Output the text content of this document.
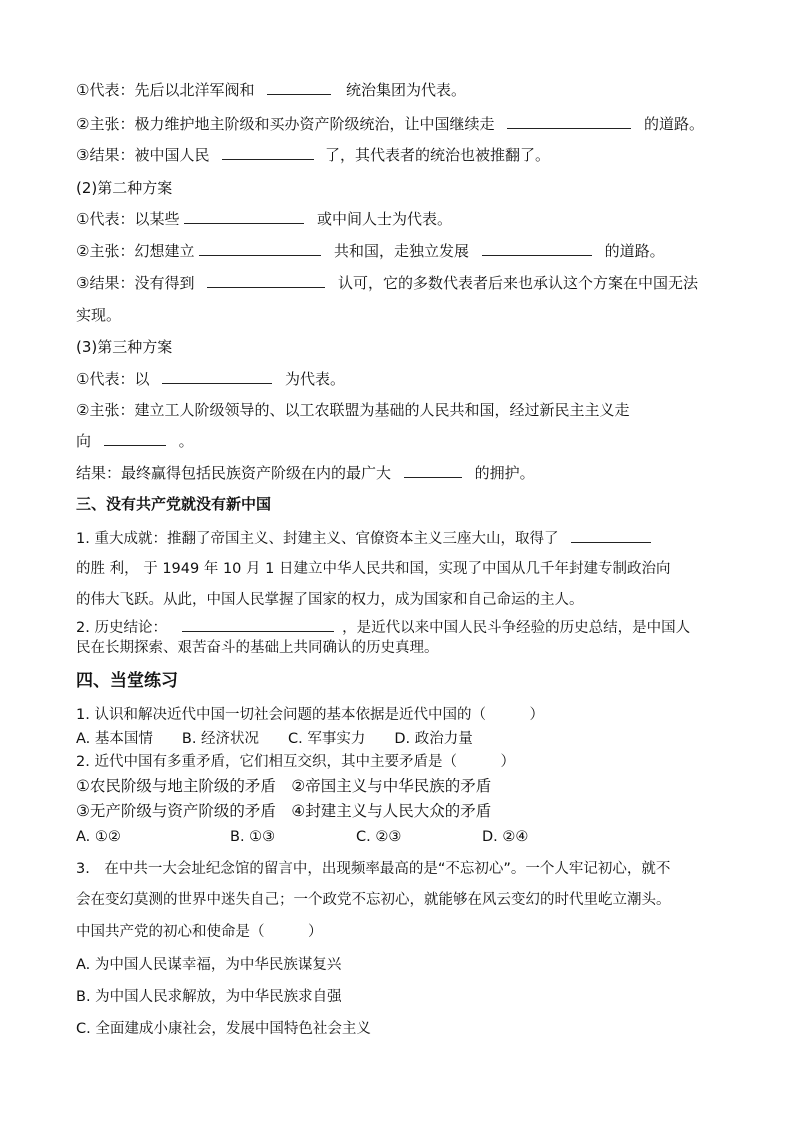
①代表：先后以北洋军阀和	统治集团为代表。
②主张：极力维护地主阶级和买办资产阶级统治，让中国继续走	的道路。
③结果：被中国人民	了，其代表者的统治也被推翻了。
(2)第二种方案
①代表：以某些	或中间人士为代表。
②主张：幻想建立	共和国，走独立发展	的道路。
③结果：没有得到	认可，它的多数代表者后来也承认这个方案在中国无法
实现。
(3)第三种方案
①代表：以	为代表。
②主张：建立工人阶级领导的、以工农联盟为基础的人民共和国，经过新民主主义走
向	。
结果：最终赢得包括民族资产阶级在内的最广大	的拥护。
三、没有共产党就没有新中国
1. 重大成就：推翻了帝国主义、封建主义、官僚资本主义三座大山，取得了
的胜 利， 于 1949 年 10 月 1 日建立中华人民共和国，实现了中国从几千年封建专制政治向
的伟大飞跃。从此，中国人民掌握了国家的权力，成为国家和自己命运的主人。
2. 历史结论：	，是近代以来中国人民斗争经验的历史总结，是中国人
民在长期探索、艰苦奋斗的基础上共同确认的历史真理。
四、当堂练习
1. 认识和解决近代中国一切社会问题的基本依据是近代中国的（　　　）
A. 基本国情　　B. 经济状况　　C. 军事实力　　D. 政治力量
2. 近代中国有多重矛盾，它们相互交织，其中主要矛盾是（　　　）
①农民阶级与地主阶级的矛盾　②帝国主义与中华民族的矛盾
③无产阶级与资产阶级的矛盾　④封建主义与人民大众的矛盾
A. ①②	B. ①③	C. ②③	D. ②④
3.　在中共一大会址纪念馆的留言中，出现频率最高的是“不忘初心”。一个人牢记初心，就不
会在变幻莫测的世界中迷失自己；一个政党不忘初心，就能够在风云变幻的时代里屹立潮头。
中国共产党的初心和使命是（　　　）
A. 为中国人民谋幸福，为中华民族谋复兴
B. 为中国人民求解放，为中华民族求自强
C. 全面建成小康社会，发展中国特色社会主义
